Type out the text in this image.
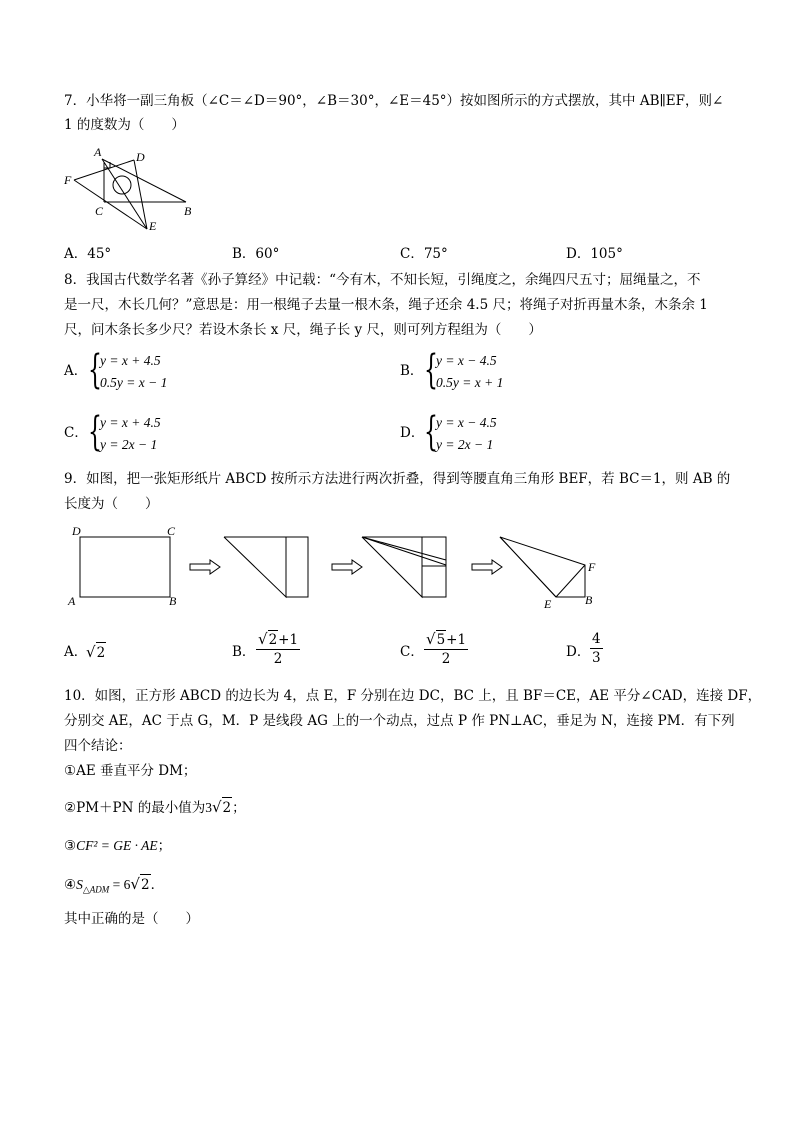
7．小华将一副三角板（∠C＝∠D＝90°，∠B＝30°，∠E＝45°）按如图所示的方式摆放，其中 AB∥EF，则∠
1 的度数为（　　）
A	D
F
C	B
E
A．45°	B．60°	C．75°	D．105°
8．我国古代数学名著《孙子算经》中记载：“今有木，不知长短，引绳度之，余绳四尺五寸；屈绳量之，不
是一尺，木长几何？”意思是：用一根绳子去量一根木条，绳子还余 4.5 尺；将绳子对折再量木条，木条余 1
尺，问木条长多少尺？若设木条长 x 尺，绳子长 y 尺，则可列方程组为（　　）
A． {
y = x + 4.5
0.5y = x − 1
B． {
y = x − 4.5
0.5y = x + 1
C． {
y = x + 4.5
y = 2x − 1
D． {
y = x − 4.5
y = 2x − 1
9．如图，把一张矩形纸片 ABCD 按所示方法进行两次折叠，得到等腰直角三角形 BEF，若 BC＝1，则 AB 的
长度为（　　）
D	C
A	B
F
E	B
A．
√2	B． $\frac{√2+1}{2}$	C． $\frac{√5+1}{2}$	D． $\frac{4}{3}$
10．如图，正方形 ABCD 的边长为 4，点 E，F 分别在边 DC，BC 上，且 BF＝CE，AE 平分∠CAD，连接 DF，
分别交 AE，AC 于点 G，M．P 是线段 AG 上的一个动点，过点 P 作 PN⊥AC，垂足为 N，连接 PM．有下列
四个结论：
①AE 垂直平分 DM；
②PM＋PN 的最小值为3√2；
③CF² = GE · AE；
$④S_{\triangle ADM} = 6√2$．
其中正确的是（　　）
